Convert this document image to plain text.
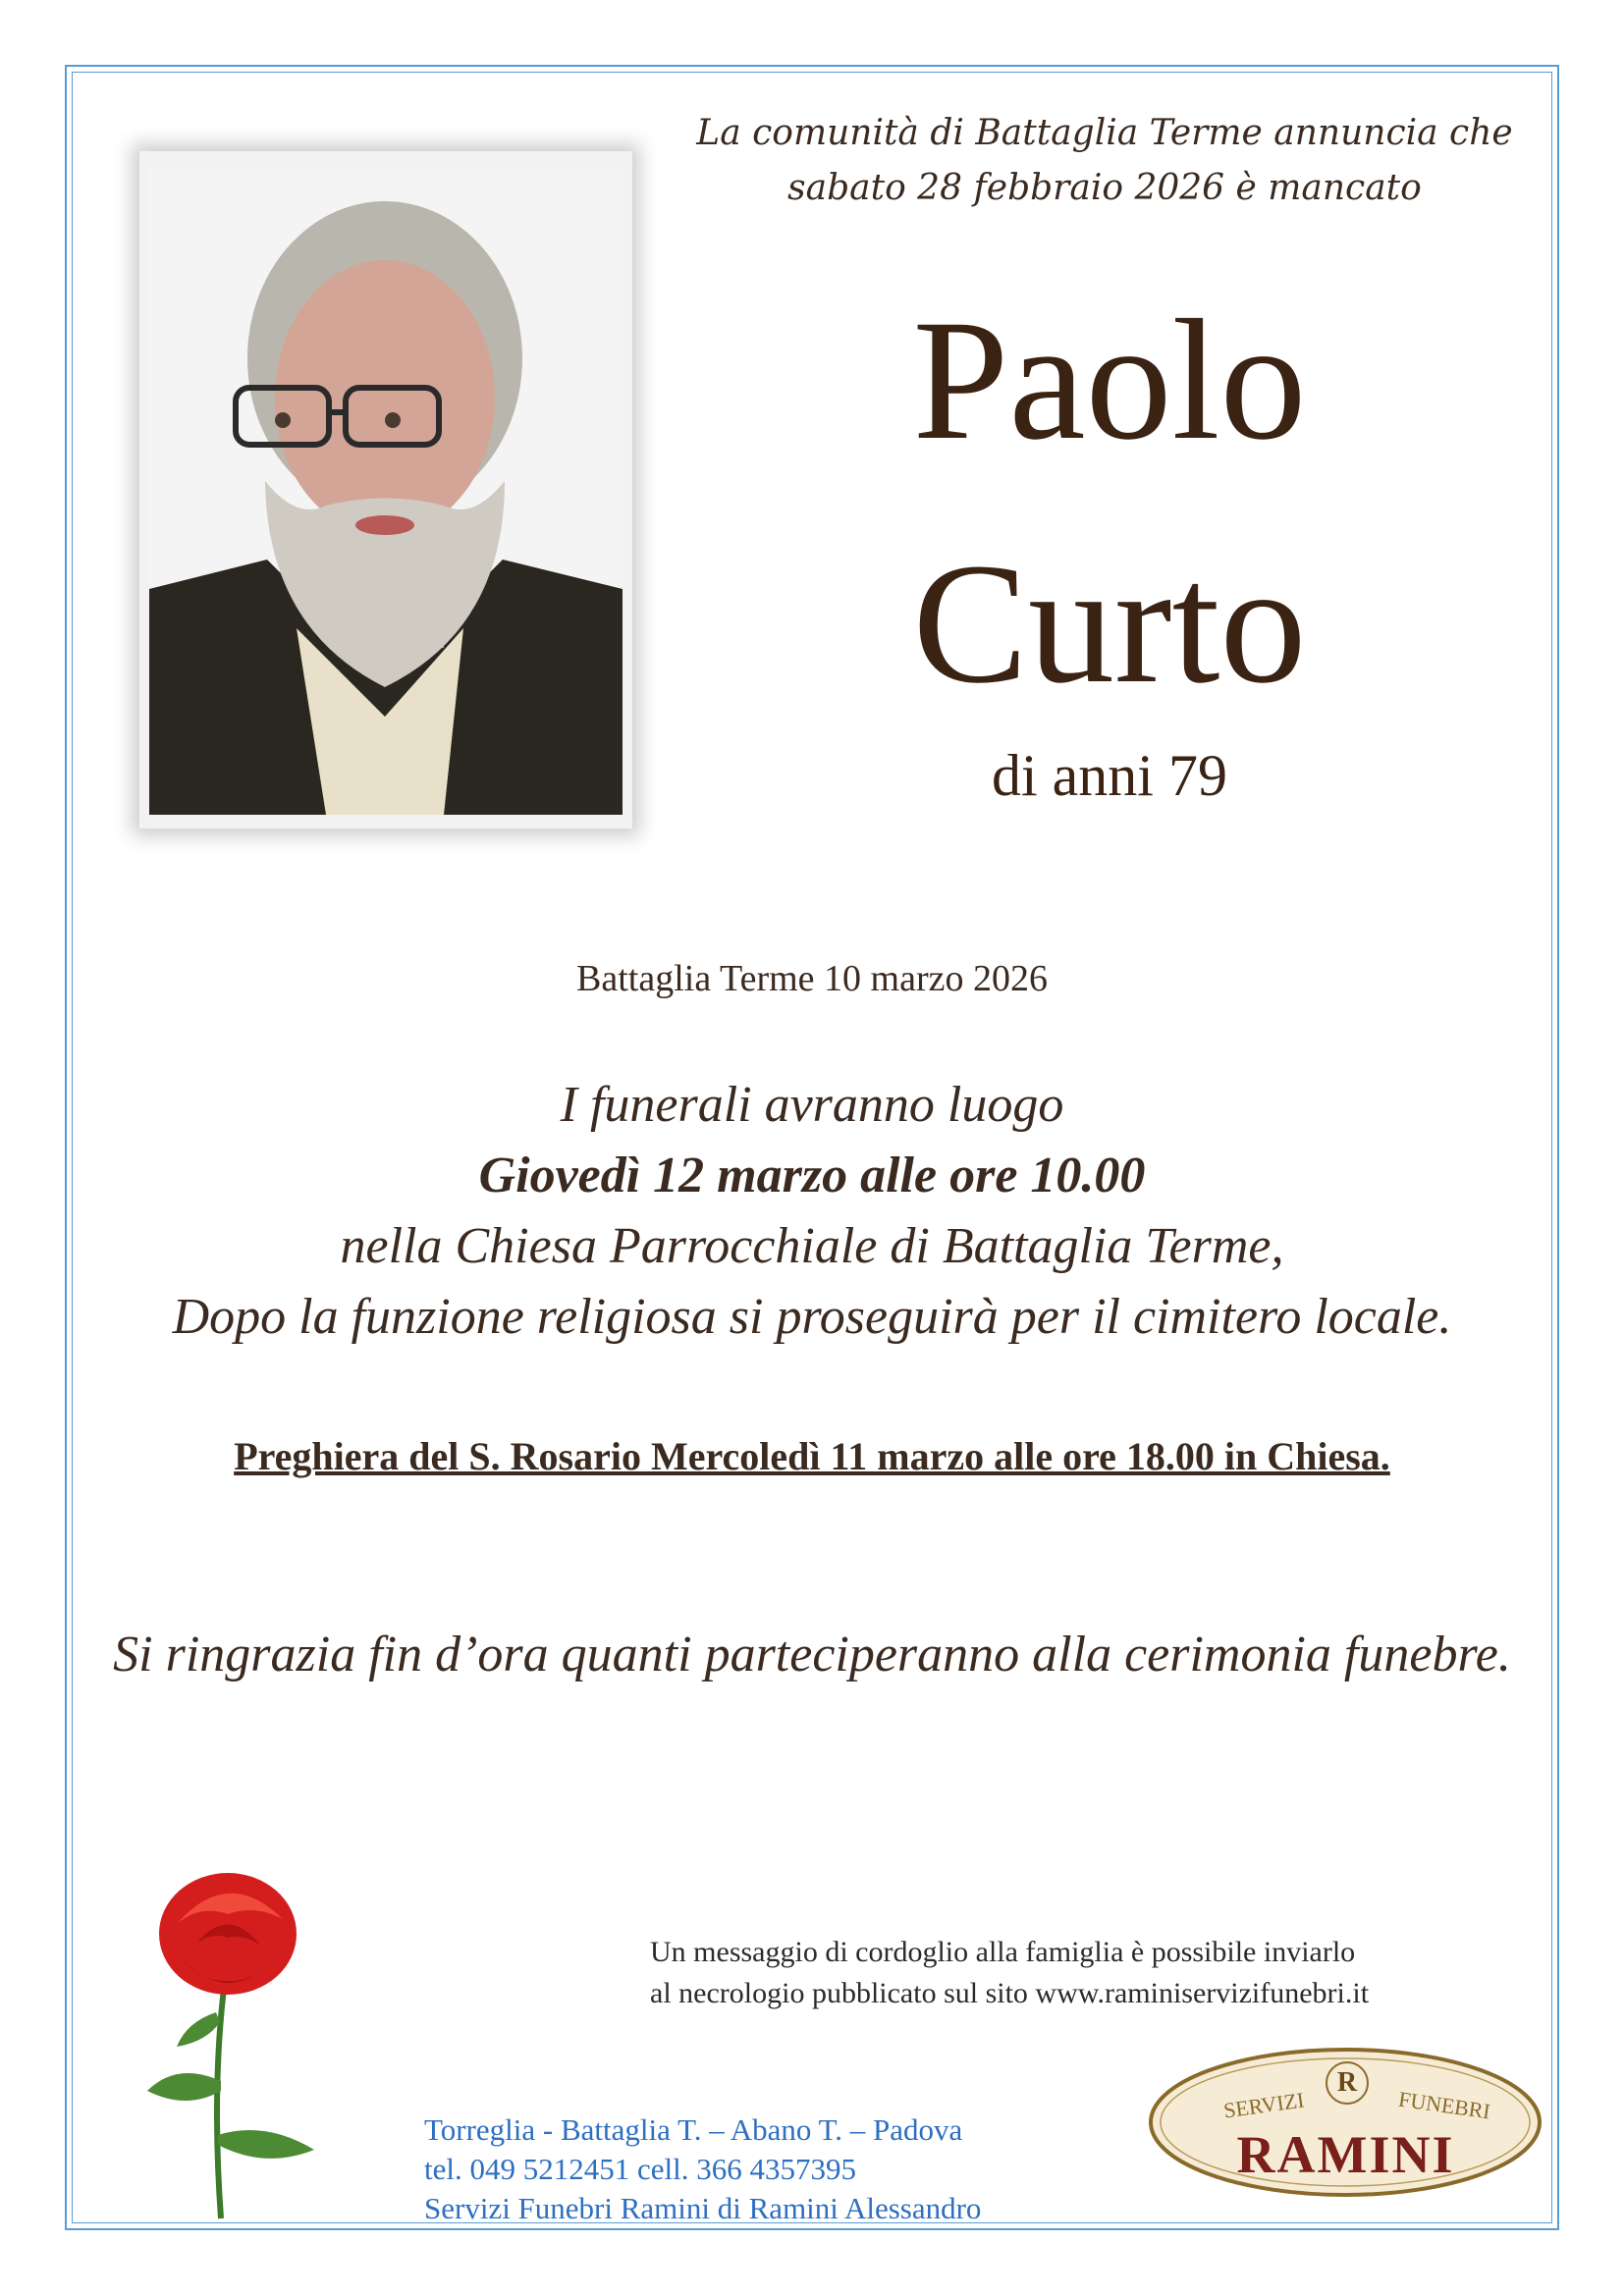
La comunità di Battaglia Terme annuncia che
sabato 28 febbraio 2026 è mancato
Paolo
Curto
di anni 79
Battaglia Terme 10 marzo 2026
I funerali avranno luogo
Giovedì 12 marzo alle ore 10.00
nella Chiesa Parrocchiale di Battaglia Terme,
Dopo la funzione religiosa si proseguirà per il cimitero locale.
Preghiera del S. Rosario Mercoledì 11 marzo alle ore 18.00 in Chiesa.
Si ringrazia fin d’ora quanti parteciperanno alla cerimonia funebre.
Un messaggio di cordoglio alla famiglia è possibile inviarlo
al necrologio pubblicato sul sito www.raminiservizifunebri.it
Torreglia - Battaglia T. – Abano T. – Padova
tel. 049 5212451 cell. 366 4357395
Servizi Funebri Ramini di Ramini Alessandro
SERVIZI
R
FUNEBRI
RAMINI
